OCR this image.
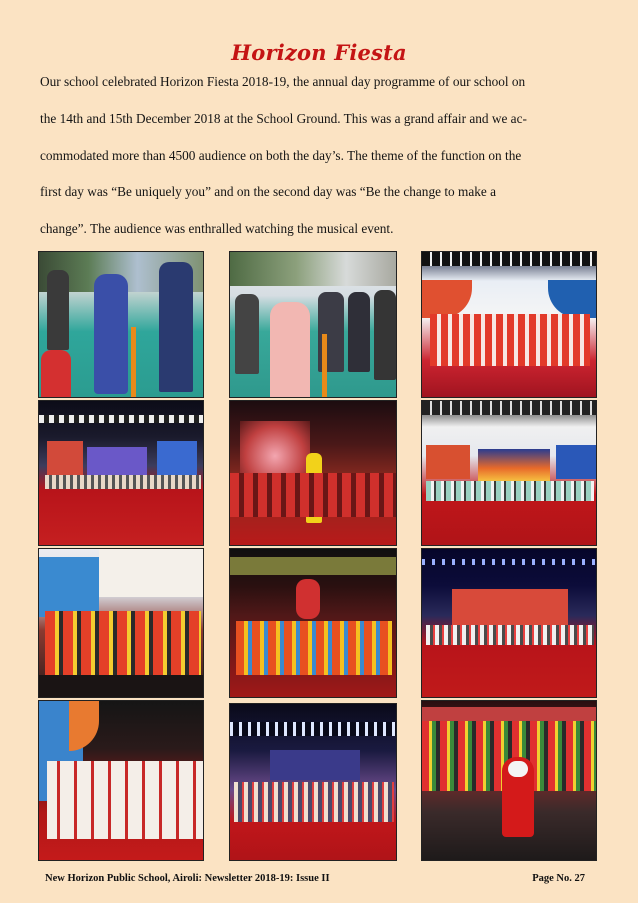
Horizon Fiesta

Our school celebrated Horizon Fiesta 2018-19, the annual day programme of our school on

the 14th and 15th December 2018 at the School Ground. This was a grand affair and we ac-

commodated more than 4500 audience on both the day’s. The theme of the function on the

first day was “Be uniquely you” and on the second day was “Be the change to make a

change”. The audience was enthralled watching the musical event.

New Horizon Public School, Airoli: Newsletter 2018-19: Issue II	Page No. 27
